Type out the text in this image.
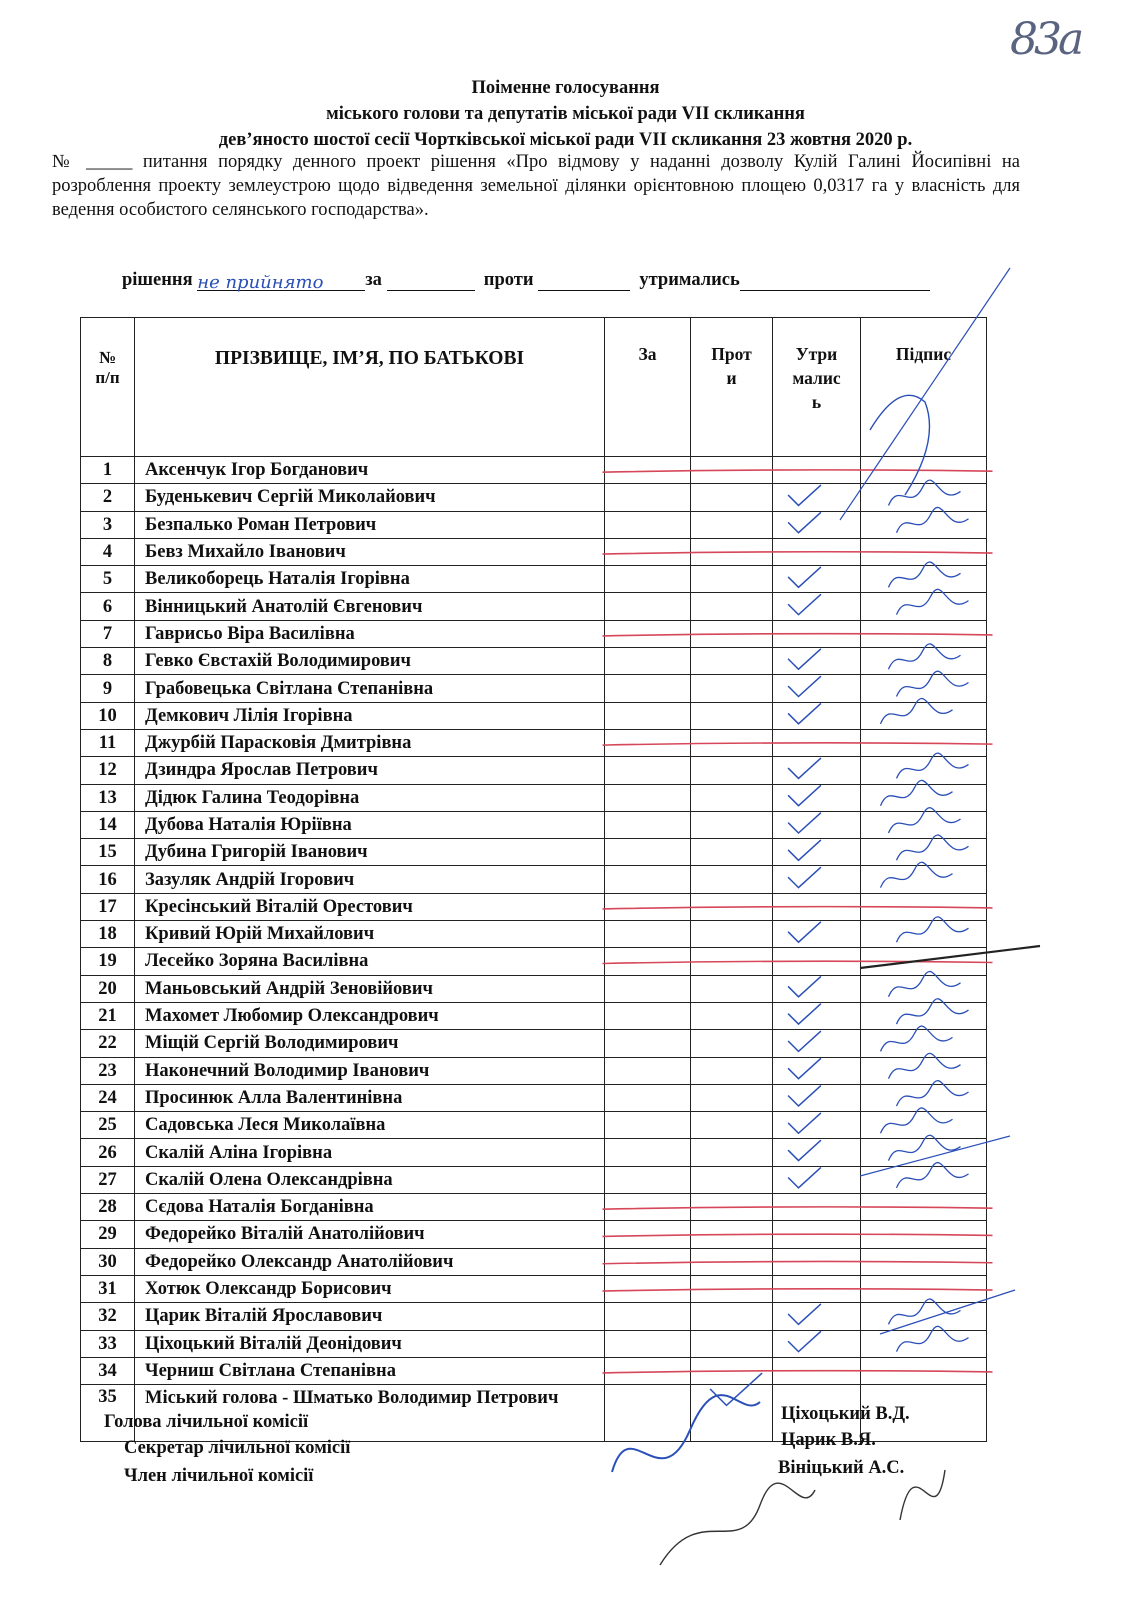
83a
Поіменне голосування
міського голови та депутатів міської ради VII скликання
дев’яносто шостої сесії Чортківської міської ради VII скликання 23 жовтня 2020 р.
№ _____ питання порядку денного проект рішення «Про відмову у наданні дозволу Кулій Галині Йосипівні на розроблення проекту землеустрою щодо відведення земельної ділянки орієнтовною площею 0,0317 га у власність для ведення особистого селянського господарства».
рішення не прийнято за	проти	утримались
№
п/п	ПРІЗВИЩЕ, ІМ’Я, ПО БАТЬКОВІ	За	Прот
и	Утри
малис
ь	Підпис
1	Аксенчук Ігор Богданович				
2	Буденькевич Сергій Миколайович				
3	Безпалько Роман Петрович				
4	Бевз Михайло Іванович				
5	Великоборець Наталія Ігорівна				
6	Вінницький Анатолій Євгенович				
7	Гаврисьо Віра Василівна				
8	Гевко Євстахій Володимирович				
9	Грабовецька Світлана Степанівна				
10	Демкович Лілія Ігорівна				
11	Джурбій Парасковія Дмитрівна				
12	Дзиндра Ярослав Петрович				
13	Дідюк Галина Теодорівна				
14	Дубова Наталія Юріївна				
15	Дубина Григорій Іванович				
16	Зазуляк Андрій Ігорович				
17	Кресінський Віталій Орестович				
18	Кривий Юрій Михайлович				
19	Лесейко Зоряна Василівна				
20	Маньовський Андрій Зеновійович				
21	Махомет Любомир Олександрович				
22	Міщій Сергій Володимирович				
23	Наконечний Володимир Іванович				
24	Просинюк Алла Валентинівна				
25	Садовська Леся Миколаївна				
26	Скалій Аліна Ігорівна				
27	Скалій Олена Олександрівна				
28	Сєдова Наталія Богданівна				
29	Федорейко Віталій Анатолійович				
30	Федорейко Олександр Анатолійович				
31	Хотюк Олександр Борисович				
32	Царик Віталій Ярославович				
33	Ціхоцький Віталій Деонідович				
34	Черниш Світлана Степанівна				
35	Міський голова - Шматько Володимир Петрович				
Голова лічильної комісії
Секретар лічильної комісії
Член лічильної комісії
Ціхоцький В.Д.
Царик В.Я.
Вініцький А.С.
